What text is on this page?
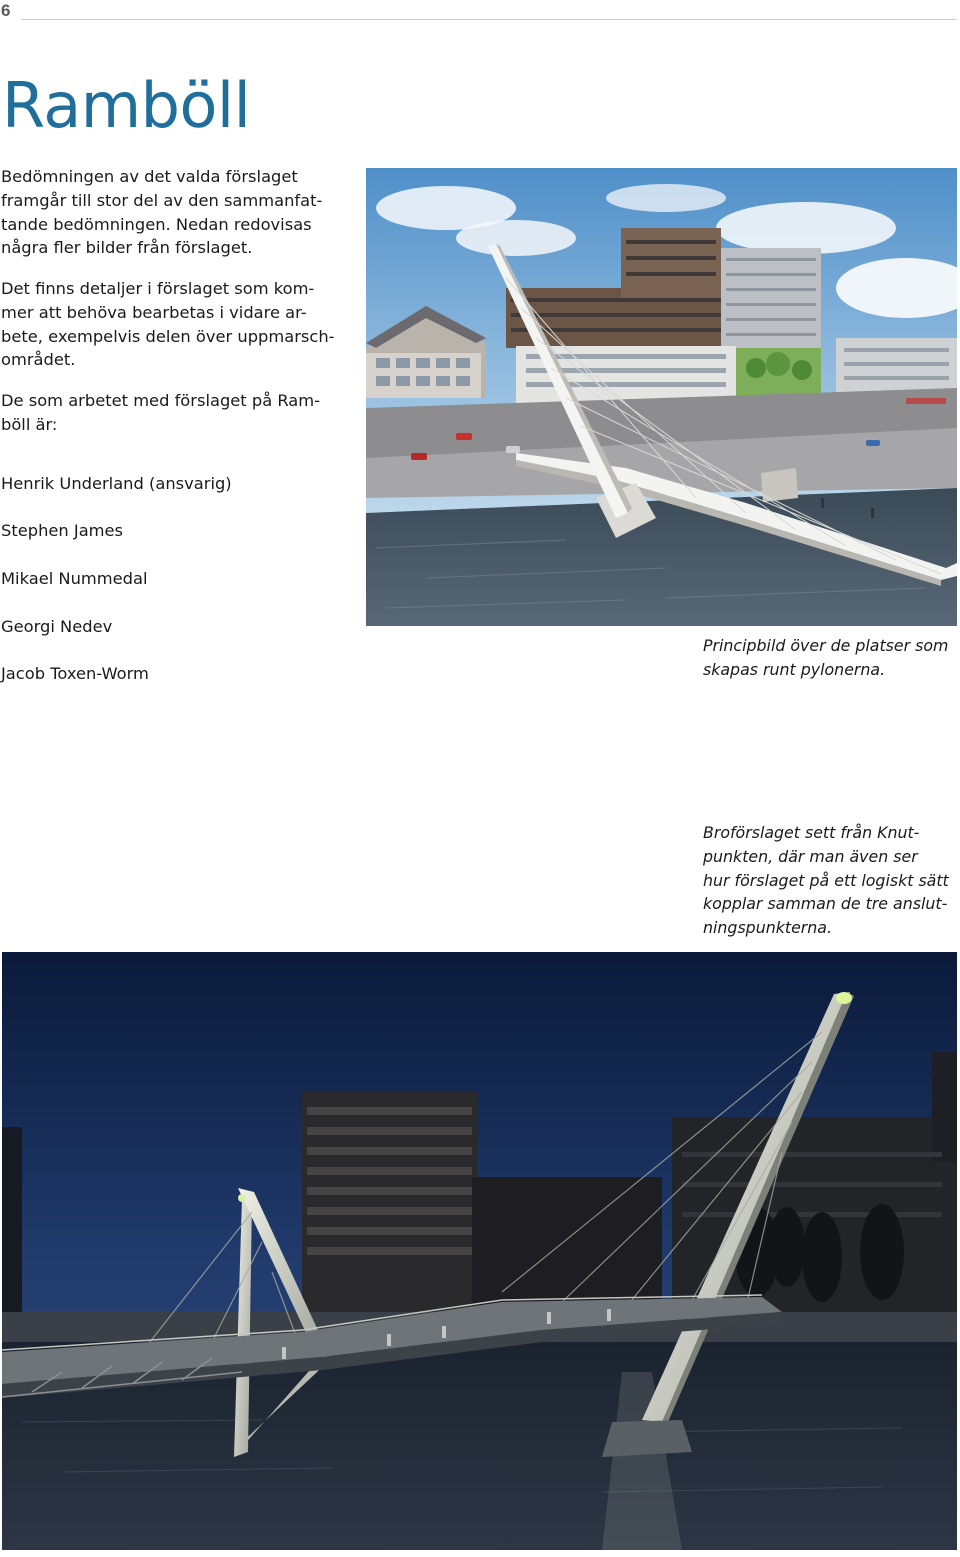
6
Ramböll

Bedömningen av det valda förslaget
framgår till stor del av den sammanfat-
tande bedömningen. Nedan redovisas
några fler bilder från förslaget.

Det finns detaljer i förslaget som kom-
mer att behöva bearbetas i vidare ar-
bete, exempelvis delen över uppmarsch-
området.

De som arbetet med förslaget på Ram-
böll är:

Henrik Underland (ansvarig)

Stephen James

Mikael Nummedal

Georgi Nedev

Jacob Toxen-Worm

Principbild över de platser som
skapas runt pylonerna.

Broförslaget sett från Knut-
punkten, där man även ser
hur förslaget på ett logiskt sätt
kopplar samman de tre anslut-
ningspunkterna.
